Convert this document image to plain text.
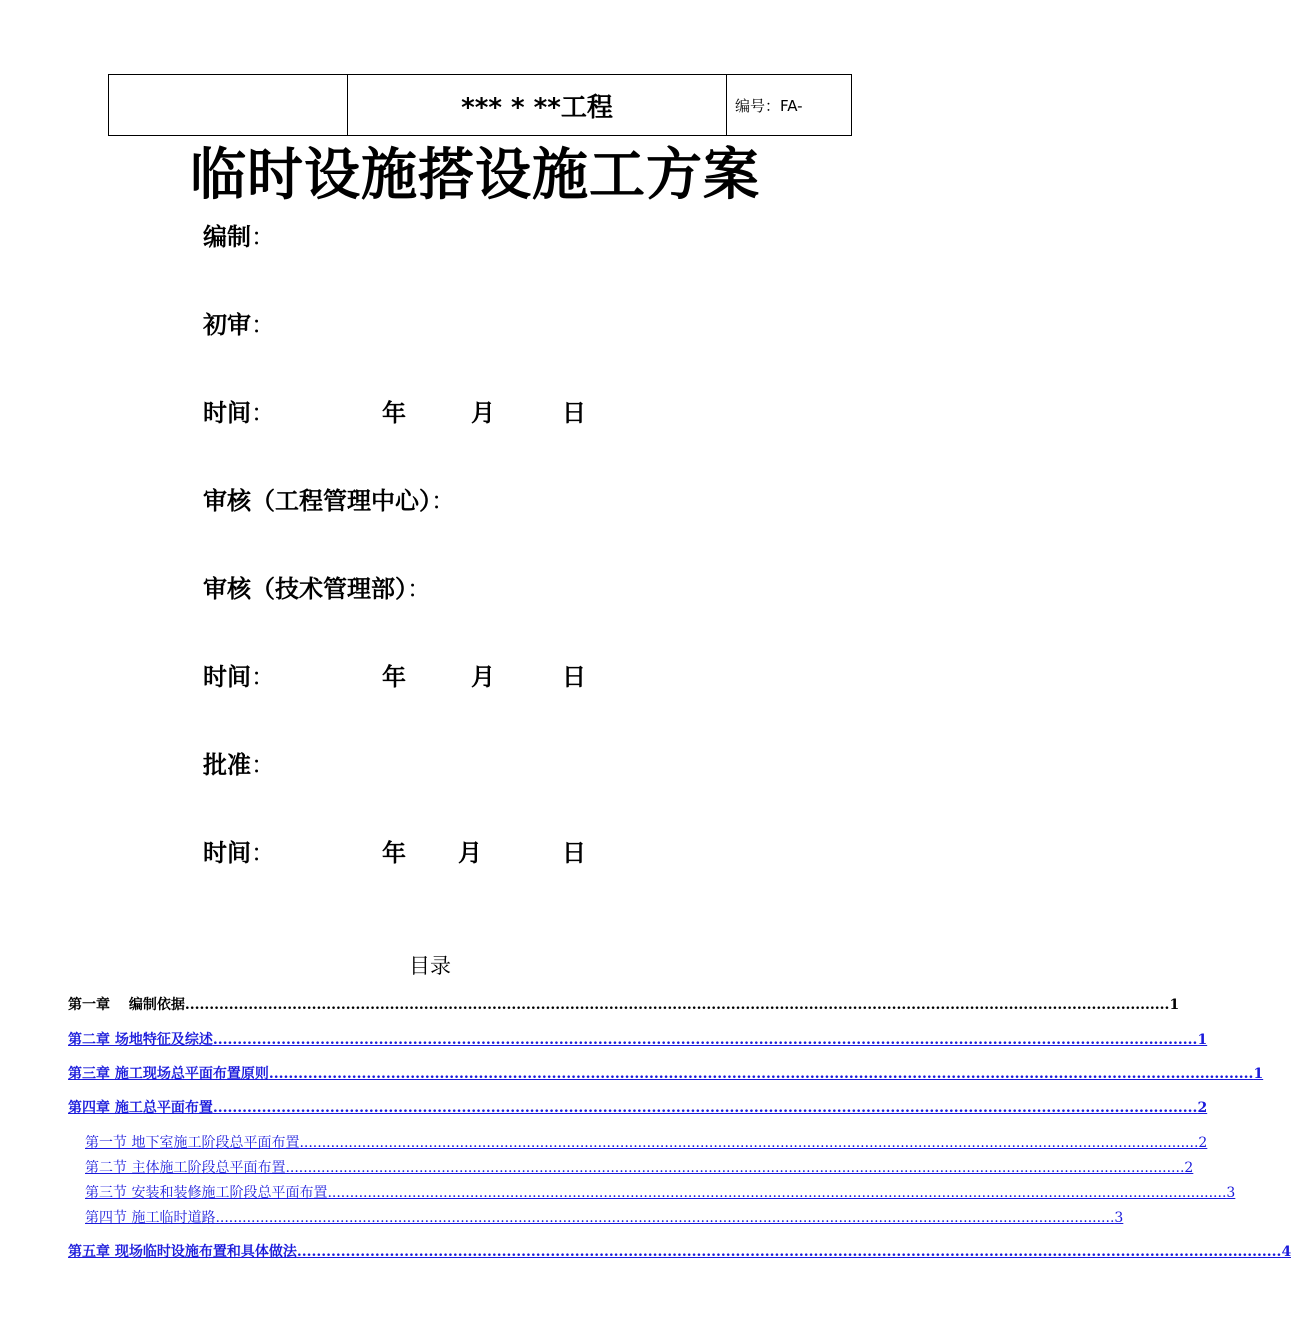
	*** * **工程	编号：FA-
临时设施搭设施工方案
编制：
初审：
时间：	年	月	日
审核（工程管理中心）：
审核（技术管理部）：
时间：	年	月	日
批准：
时间：	年 月	日
目录
第一章　 编制依据 .......................................................................................................................................................................................................... 1
第二章 场地特征及综述 .......................................................................................................................................................................................................... 1
第三章 施工现场总平面布置原则 .......................................................................................................................................................................................................... 1
第四章 施工总平面布置 .......................................................................................................................................................................................................... 2
第一节 地下室施工阶段总平面布置 .......................................................................................................................................................................................................... 2
第二节 主体施工阶段总平面布置 .......................................................................................................................................................................................................... 2
第三节 安装和装修施工阶段总平面布置 .......................................................................................................................................................................................................... 3
第四节 施工临时道路 .......................................................................................................................................................................................................... 3
第五章 现场临时设施布置和具体做法 .......................................................................................................................................................................................................... 4
